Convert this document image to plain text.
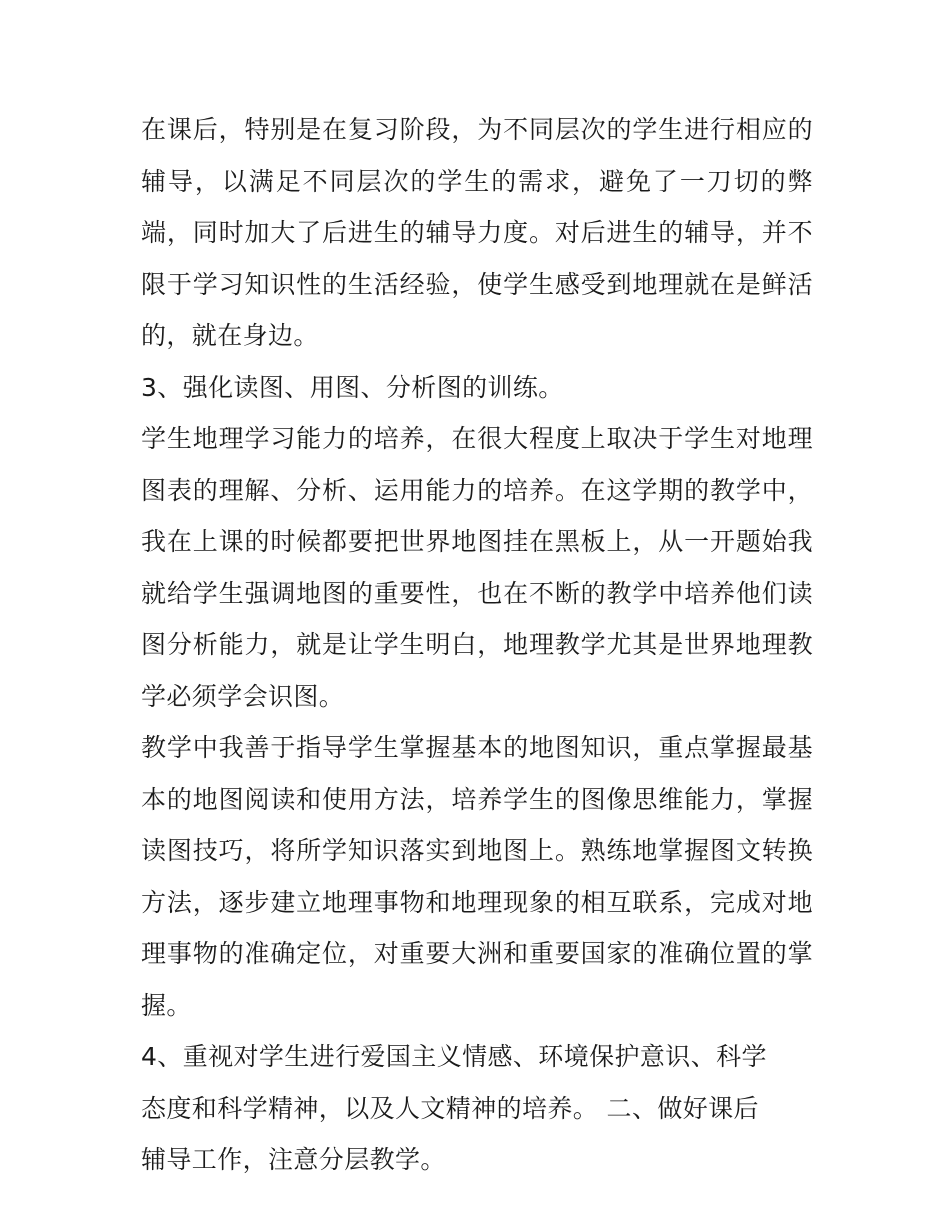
在课后，特别是在复习阶段，为不同层次的学生进行相应的辅导，以满足不同层次的学生的需求，避免了一刀切的弊端，同时加大了后进生的辅导力度。对后进生的辅导，并不限于学习知识性的生活经验，使学生感受到地理就在是鲜活的，就在身边。

3、强化读图、用图、分析图的训练。

学生地理学习能力的培养，在很大程度上取决于学生对地理图表的理解、分析、运用能力的培养。在这学期的教学中，我在上课的时候都要把世界地图挂在黑板上，从一开题始我就给学生强调地图的重要性，也在不断的教学中培养他们读图分析能力，就是让学生明白，地理教学尤其是世界地理教学必须学会识图。

教学中我善于指导学生掌握基本的地图知识，重点掌握最基本的地图阅读和使用方法，培养学生的图像思维能力，掌握读图技巧，将所学知识落实到地图上。熟练地掌握图文转换方法，逐步建立地理事物和地理现象的相互联系，完成对地理事物的准确定位，对重要大洲和重要国家的准确位置的掌握。

4、重视对学生进行爱国主义情感、环境保护意识、科学态度和科学精神，以及人文精神的培养。 二、做好课后辅导工作，注意分层教学。
